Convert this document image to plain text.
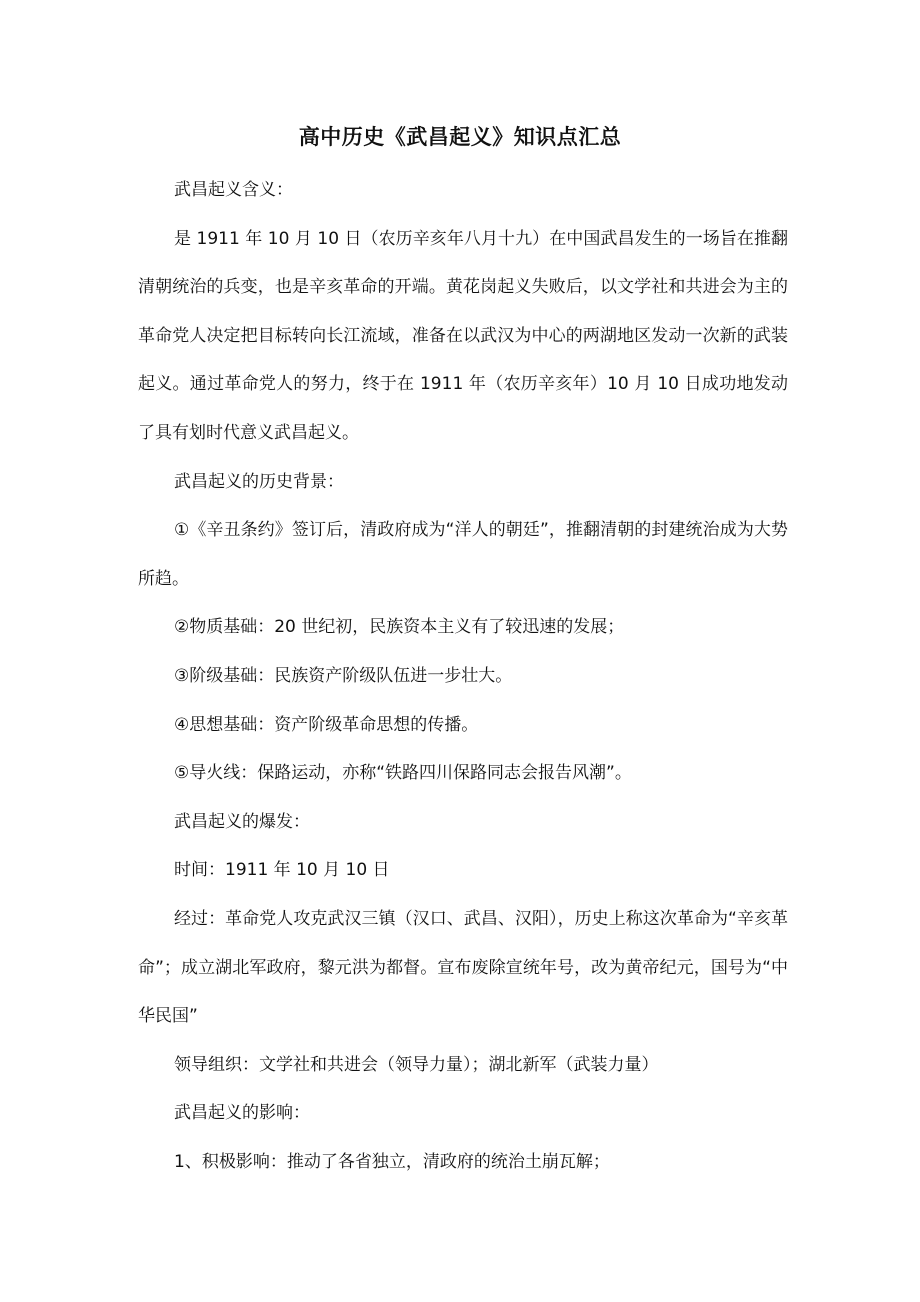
高中历史《武昌起义》知识点汇总

武昌起义含义：

是 1911 年 10 月 10 日（农历辛亥年八月十九）在中国武昌发生的一场旨在推翻清朝统治的兵变，也是辛亥革命的开端。黄花岗起义失败后，以文学社和共进会为主的革命党人决定把目标转向长江流域，准备在以武汉为中心的两湖地区发动一次新的武装起义。通过革命党人的努力，终于在 1911 年（农历辛亥年）10 月 10 日成功地发动了具有划时代意义武昌起义。

武昌起义的历史背景：

①《辛丑条约》签订后，清政府成为“洋人的朝廷”，推翻清朝的封建统治成为大势所趋。

②物质基础：20 世纪初，民族资本主义有了较迅速的发展；

③阶级基础：民族资产阶级队伍进一步壮大。

④思想基础：资产阶级革命思想的传播。

⑤导火线：保路运动，亦称“铁路四川保路同志会报告风潮”。

武昌起义的爆发：

时间：1911 年 10 月 10 日

经过：革命党人攻克武汉三镇（汉口、武昌、汉阳），历史上称这次革命为“辛亥革命”；成立湖北军政府，黎元洪为都督。宣布废除宣统年号，改为黄帝纪元，国号为“中华民国”

领导组织：文学社和共进会（领导力量）；湖北新军（武装力量）

武昌起义的影响：

1、积极影响：推动了各省独立，清政府的统治土崩瓦解；
